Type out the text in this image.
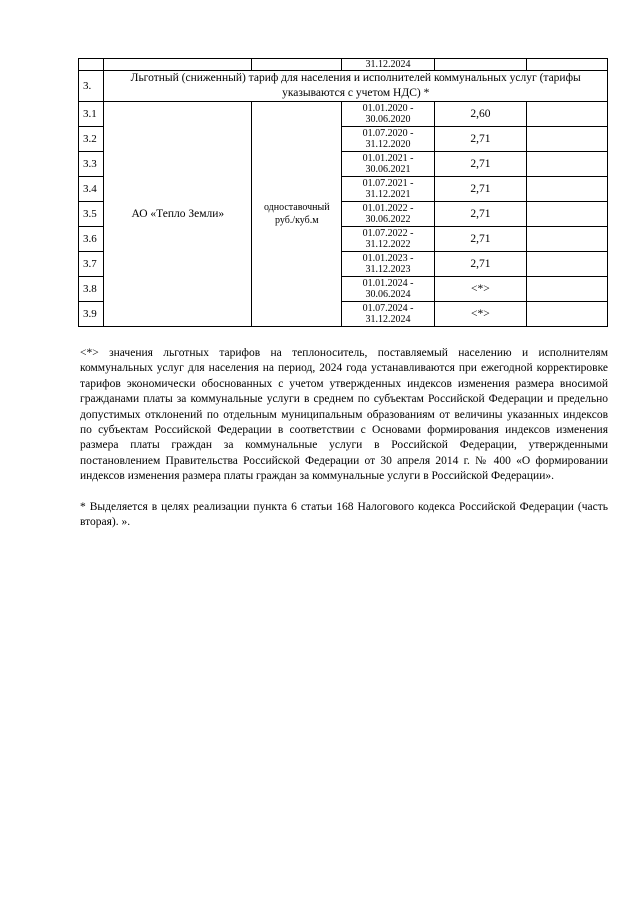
			31.12.2024		
3.	Льготный (сниженный) тариф для населения и исполнителей коммунальных услуг (тарифы указываются с учетом НДС) *				
3.1	АО «Тепло Земли»	одноставочный руб./куб.м	01.01.2020 - 30.06.2020	2,60	
3.2			01.07.2020 - 31.12.2020	2,71	
3.3			01.01.2021 - 30.06.2021	2,71	
3.4			01.07.2021 - 31.12.2021	2,71	
3.5			01.01.2022 - 30.06.2022	2,71	
3.6			01.07.2022 - 31.12.2022	2,71	
3.7			01.01.2023 - 31.12.2023	2,71	
3.8			01.01.2024 - 30.06.2024	<*>	
3.9			01.07.2024 - 31.12.2024	<*>	

<*> значения льготных тарифов на теплоноситель, поставляемый населению и исполнителям коммунальных услуг для населения на период, 2024 года устанавливаются при ежегодной корректировке тарифов экономически обоснованных с учетом утвержденных индексов изменения размера вносимой гражданами платы за коммунальные услуги в среднем по субъектам Российской Федерации и предельно допустимых отклонений по отдельным муниципальным образованиям от величины указанных индексов по субъектам Российской Федерации в соответствии с Основами формирования индексов изменения размера платы граждан за коммунальные услуги в Российской Федерации, утвержденными постановлением Правительства Российской Федерации от 30 апреля 2014 г. № 400 «О формировании индексов изменения размера платы граждан за коммунальные услуги в Российской Федерации».

* Выделяется в целях реализации пункта 6 статьи 168 Налогового кодекса Российской Федерации (часть вторая). ».
